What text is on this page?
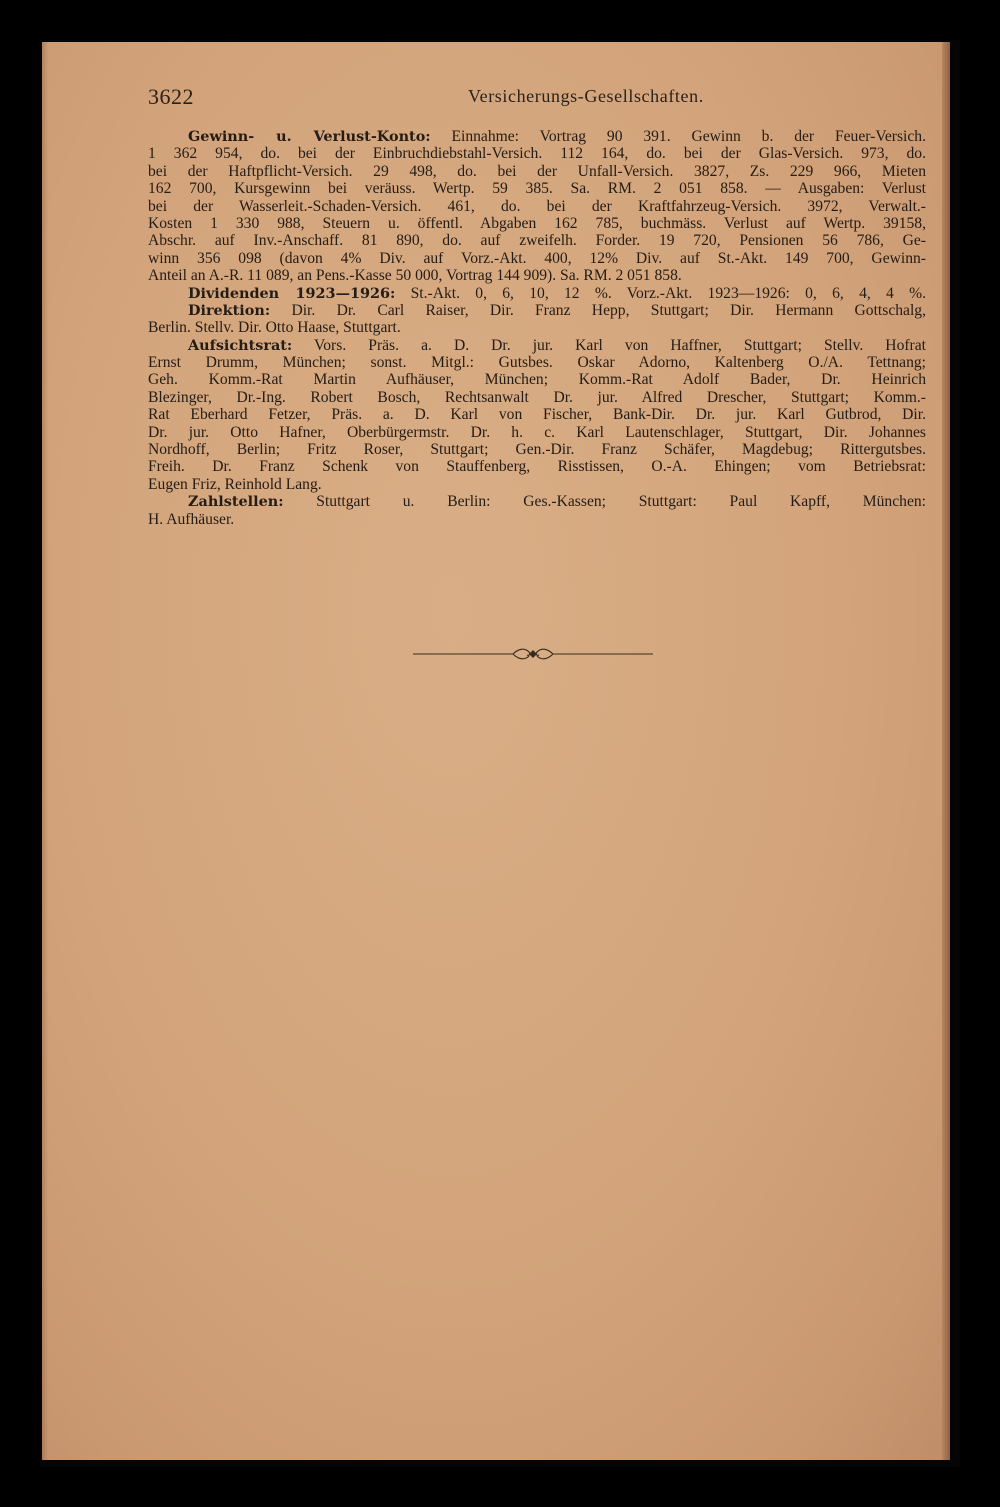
3622	Versicherungs-Gesellschaften.
Gewinn- u. Verlust-Konto: Einnahme: Vortrag 90 391. Gewinn b. der Feuer-Versich.
1 362 954, do. bei der Einbruchdiebstahl-Versich. 112 164, do. bei der Glas-Versich. 973, do.
bei der Haftpflicht-Versich. 29 498, do. bei der Unfall-Versich. 3827, Zs. 229 966, Mieten
162 700, Kursgewinn bei veräuss. Wertp. 59 385. Sa. RM. 2 051 858. — Ausgaben: Verlust
bei der Wasserleit.-Schaden-Versich. 461, do. bei der Kraftfahrzeug-Versich. 3972, Verwalt.-
Kosten 1 330 988, Steuern u. öffentl. Abgaben 162 785, buchmäss. Verlust auf Wertp. 39158,
Abschr. auf Inv.-Anschaff. 81 890, do. auf zweifelh. Forder. 19 720, Pensionen 56 786, Ge-
winn 356 098 (davon 4% Div. auf Vorz.-Akt. 400, 12% Div. auf St.-Akt. 149 700, Gewinn-
Anteil an A.-R. 11 089, an Pens.-Kasse 50 000, Vortrag 144 909). Sa. RM. 2 051 858.
Dividenden 1923—1926: St.-Akt. 0, 6, 10, 12 %. Vorz.-Akt. 1923—1926: 0, 6, 4, 4 %.
Direktion: Dir. Dr. Carl Raiser, Dir. Franz Hepp, Stuttgart; Dir. Hermann Gottschalg,
Berlin. Stellv. Dir. Otto Haase, Stuttgart.
Aufsichtsrat: Vors. Präs. a. D. Dr. jur. Karl von Haffner, Stuttgart; Stellv. Hofrat
Ernst Drumm, München; sonst. Mitgl.: Gutsbes. Oskar Adorno, Kaltenberg O./A. Tettnang;
Geh. Komm.-Rat Martin Aufhäuser, München; Komm.-Rat Adolf Bader, Dr. Heinrich
Blezinger, Dr.-Ing. Robert Bosch, Rechtsanwalt Dr. jur. Alfred Drescher, Stuttgart; Komm.-
Rat Eberhard Fetzer, Präs. a. D. Karl von Fischer, Bank-Dir. Dr. jur. Karl Gutbrod, Dir.
Dr. jur. Otto Hafner, Oberbürgermstr. Dr. h. c. Karl Lautenschlager, Stuttgart, Dir. Johannes
Nordhoff, Berlin; Fritz Roser, Stuttgart; Gen.-Dir. Franz Schäfer, Magdebug; Rittergutsbes.
Freih. Dr. Franz Schenk von Stauffenberg, Risstissen, O.-A. Ehingen; vom Betriebsrat:
Eugen Friz, Reinhold Lang.
Zahlstellen: Stuttgart u. Berlin: Ges.-Kassen; Stuttgart: Paul Kapff, München:
H. Aufhäuser.
